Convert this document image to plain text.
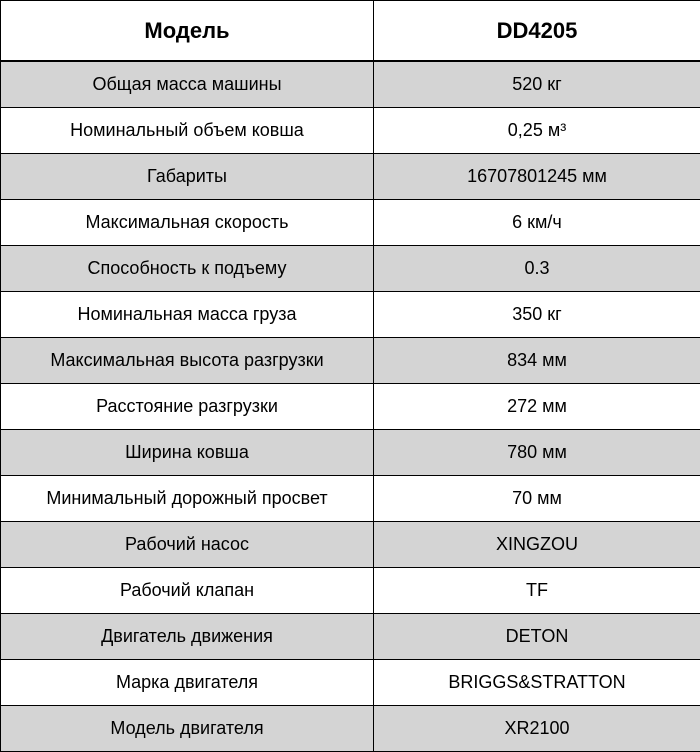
Модель	DD4205
Общая масса машины	520 кг
Номинальный объем ковша	0,25 м³
Габариты	16707801245 мм
Максимальная скорость	6 км/ч
Способность к подъему	0.3
Номинальная масса груза	350 кг
Максимальная высота разгрузки	834 мм
Расстояние разгрузки	272 мм
Ширина ковша	780 мм
Минимальный дорожный просвет	70 мм
Рабочий насос	XINGZOU
Рабочий клапан	TF
Двигатель движения	DETON
Марка двигателя	BRIGGS&STRATTON
Модель двигателя	XR2100
